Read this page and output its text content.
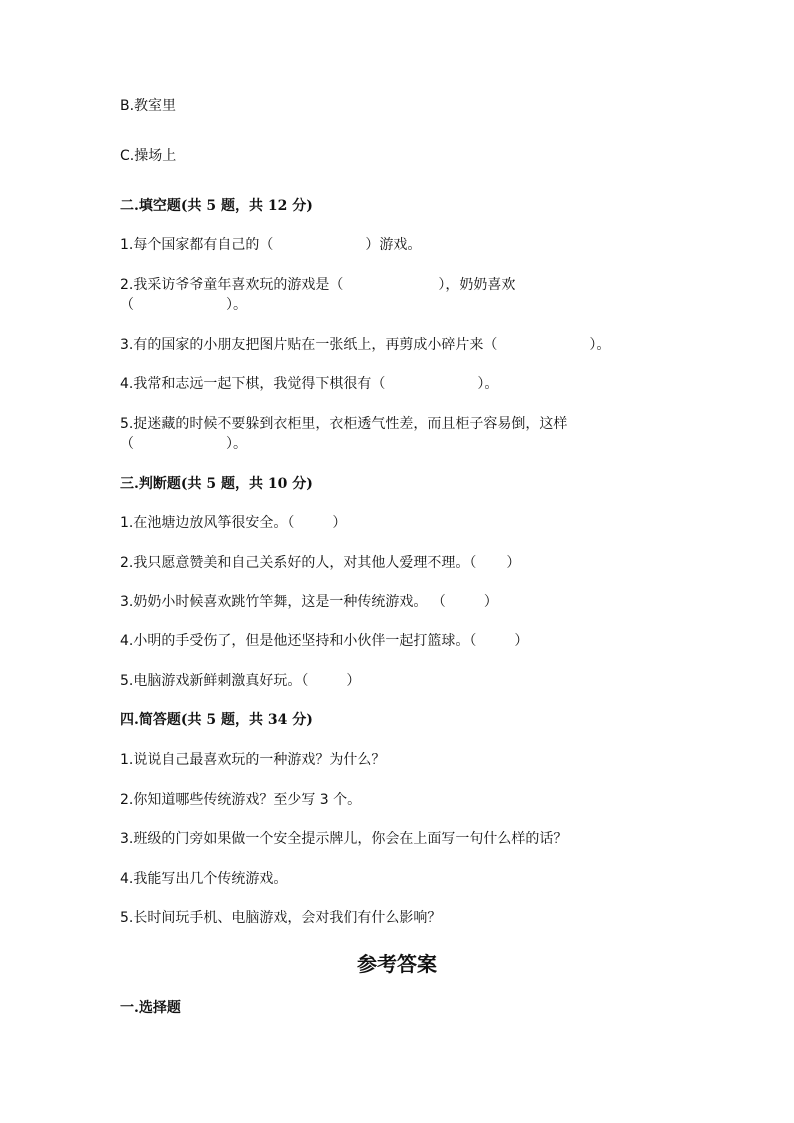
B.教室里
C.操场上
二.填空题(共 5 题，共 12 分)
1.每个国家都有自己的（	）游戏。
2.我采访爷爷童年喜欢玩的游戏是（	），奶奶喜欢
（	）。
3.有的国家的小朋友把图片贴在一张纸上，再剪成小碎片来（	）。
4.我常和志远一起下棋，我觉得下棋很有（	）。
5.捉迷藏的时候不要躲到衣柜里，衣柜透气性差，而且柜子容易倒，这样
（	）。
三.判断题(共 5 题，共 10 分)
1.在池塘边放风筝很安全。（	）
2.我只愿意赞美和自己关系好的人，对其他人爱理不理。（ ）
3.奶奶小时候喜欢跳竹竿舞，这是一种传统游戏。 （	）
4.小明的手受伤了，但是他还坚持和小伙伴一起打篮球。（	）
5.电脑游戏新鲜刺激真好玩。（	）
四.简答题(共 5 题，共 34 分)
1.说说自己最喜欢玩的一种游戏？为什么？
2.你知道哪些传统游戏？至少写 3 个。
3.班级的门旁如果做一个安全提示牌儿，你会在上面写一句什么样的话？
4.我能写出几个传统游戏。
5.长时间玩手机、电脑游戏，会对我们有什么影响？
参考答案
一.选择题
